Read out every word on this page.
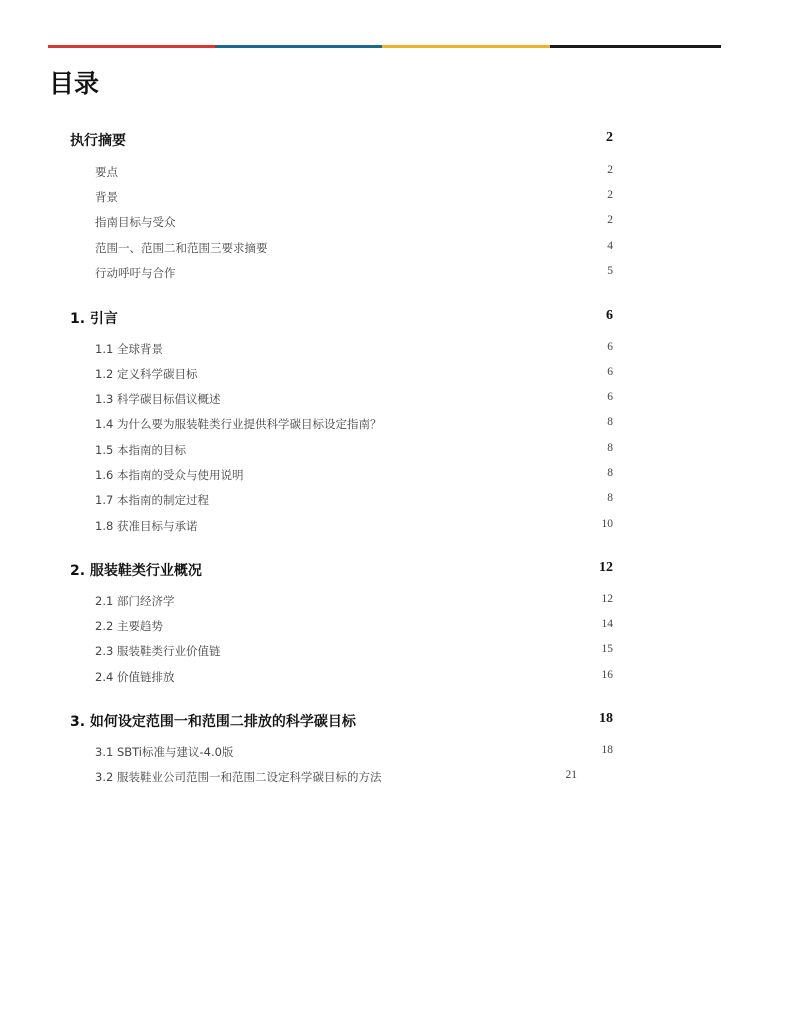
目录
执行摘要	2
要点	2
背景	2
指南目标与受众	2
范围一、范围二和范围三要求摘要	4
行动呼吁与合作	5
1. 引言	6
1.1 全球背景	6
1.2 定义科学碳目标	6
1.3 科学碳目标倡议概述	6
1.4 为什么要为服装鞋类行业提供科学碳目标设定指南？	8
1.5 本指南的目标	8
1.6 本指南的受众与使用说明	8
1.7 本指南的制定过程	8
1.8 获准目标与承诺	10
2. 服装鞋类行业概况	12
2.1 部门经济学	12
2.2 主要趋势	14
2.3 服装鞋类行业价值链	15
2.4 价值链排放	16
3. 如何设定范围一和范围二排放的科学碳目标	18
3.1 SBTi标准与建议-4.0版	18
3.2 服装鞋业公司范围一和范围二设定科学碳目标的方法	21
